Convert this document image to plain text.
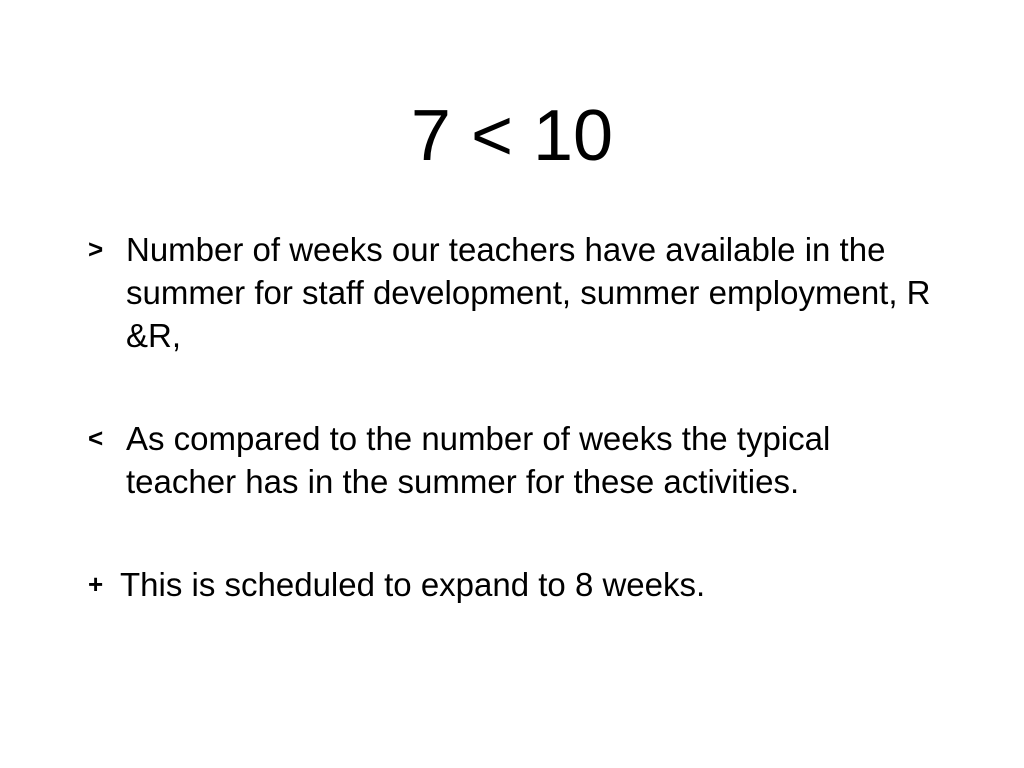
7 < 10
> Number of weeks our teachers have available in the summer for staff development, summer employment, R &R,
< As compared to the number of weeks the typical teacher has in the summer for these activities.
+ This is scheduled to expand to 8 weeks.
